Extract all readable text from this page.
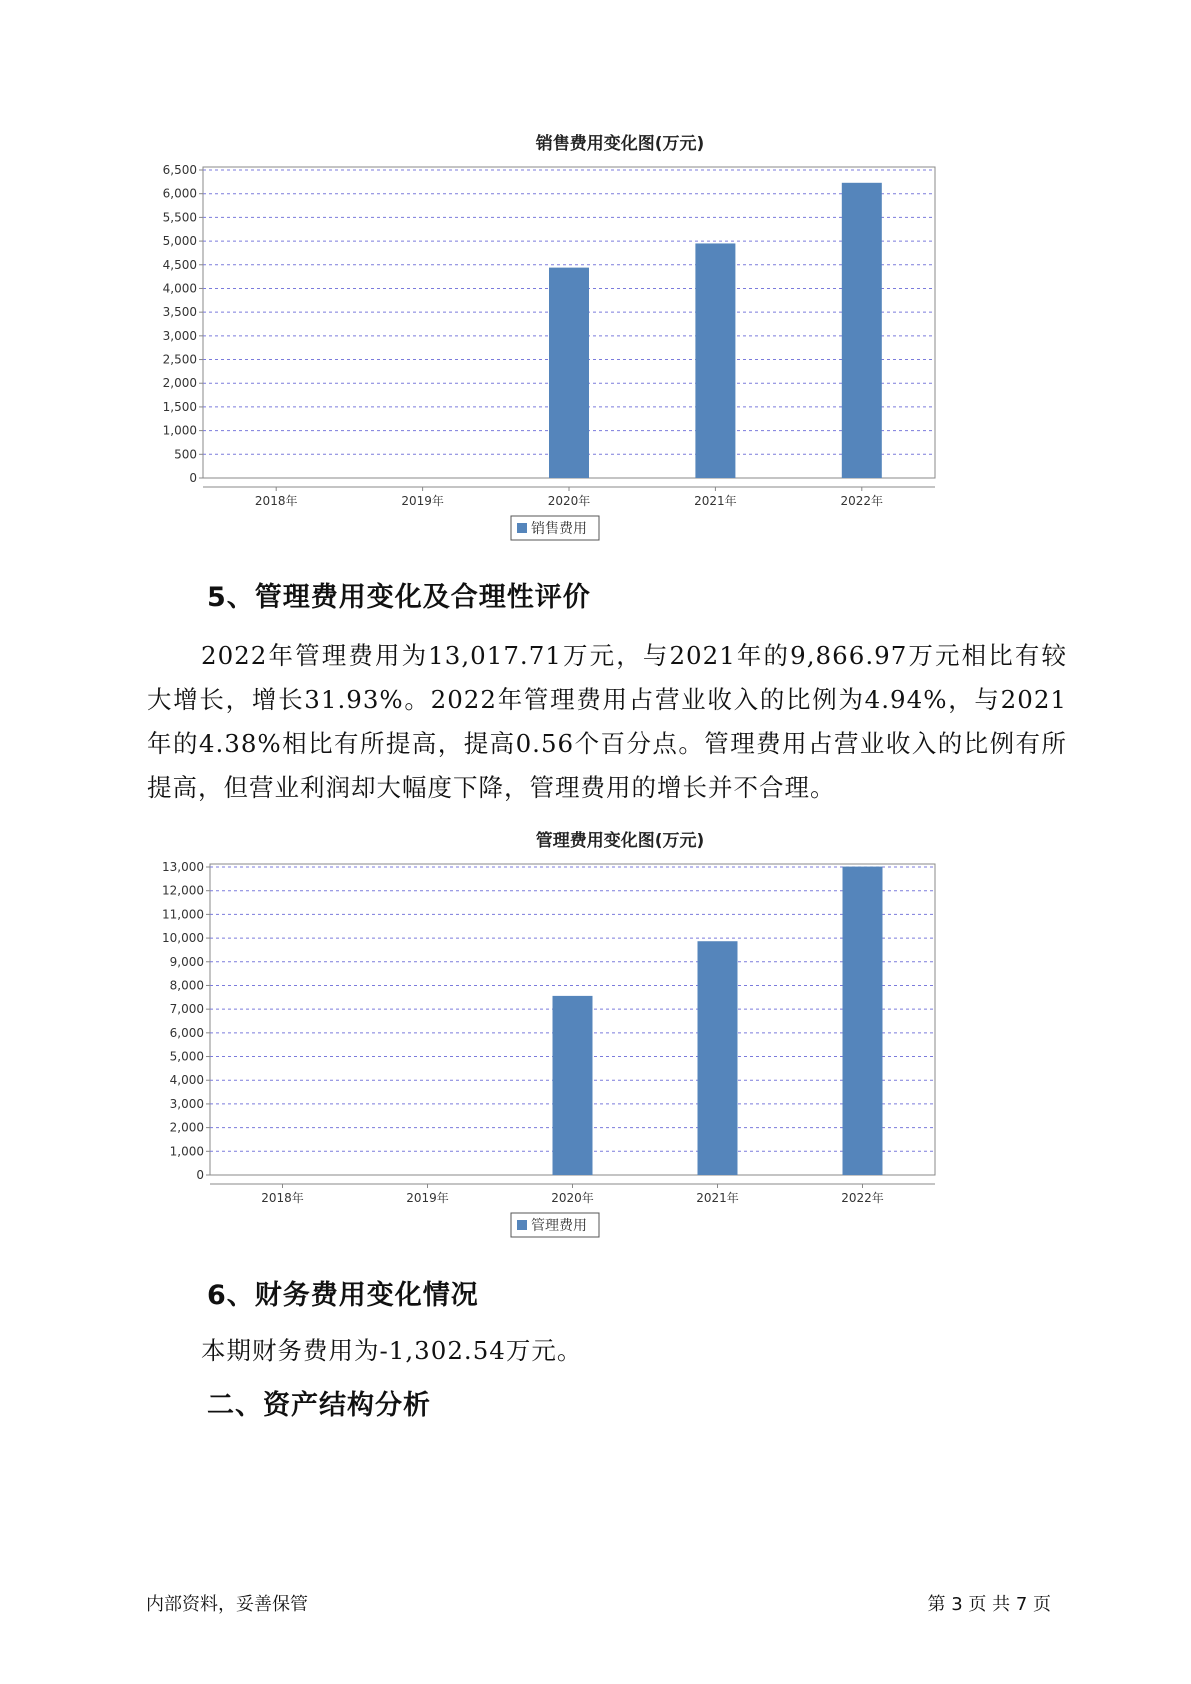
销售费用变化图(万元)
0
500
1,000
1,500
2,000
2,500
3,000
3,500
4,000
4,500
5,000
5,500
6,000
6,500
2018年	2019年	2020年	2021年	2022年
销售费用
5、管理费用变化及合理性评价

2022年管理费用为13,017.71万元，与2021年的9,866.97万元相比有较大增长，增长31.93%。2022年管理费用占营业收入的比例为4.94%，与2021年的4.38%相比有所提高，提高0.56个百分点。管理费用占营业收入的比例有所提高，但营业利润却大幅度下降，管理费用的增长并不合理。

管理费用变化图(万元)
0
1,000
2,000
3,000
4,000
5,000
6,000
7,000
8,000
9,000
10,000
11,000
12,000
13,000
2018年	2019年	2020年	2021年	2022年
管理费用
6、财务费用变化情况

本期财务费用为-1,302.54万元。

二、资产结构分析
内部资料，妥善保管	第 3 页 共 7 页
